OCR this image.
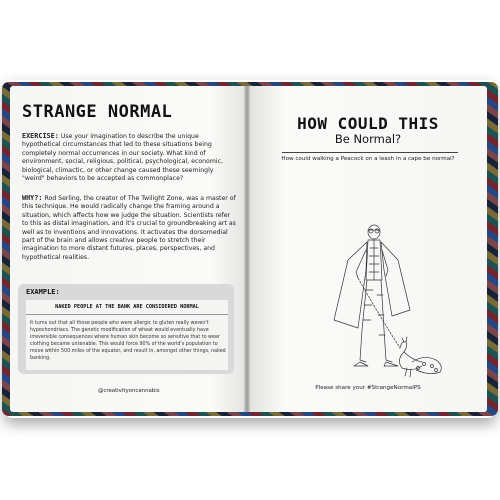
STRANGE NORMAL
EXERCISE: Use your imagination to describe the unique hypothetical circumstances that led to these situations being completely normal occurrences in our society. What kind of environment, social, religious, political, psychological, economic, biological, climactic, or other change caused these seemingly "weird" behaviors to be accepted as commonplace?
WHY?: Rod Serling, the creator of The Twilight Zone, was a master of this technique. He would radically change the framing around a situation, which affects how we judge the situation. Scientists refer to this as distal imagination, and it's crucial to groundbreaking art as well as to inventions and innovations. It activates the dorsomedial part of the brain and allows creative people to stretch their imagination to more distant futures, places, perspectives, and hypothetical realities.
EXAMPLE:
NAKED PEOPLE AT THE BANK ARE CONSIDERED NORMAL
It turns out that all those people who were allergic to gluten really weren't hypochondriacs. The genetic modification of wheat would eventually have irreversible consequences where human skin become so sensitive that to wear clothing became untenable. This would force 90% of the world's population to move within 500 miles of the equator, and result in, amongst other things, naked banking.
@creativityoncannabis
HOW COULD THIS
Be Normal?
How could walking a Peacock on a leash in a cape be normal?
Please share your #StrangeNormalPS
